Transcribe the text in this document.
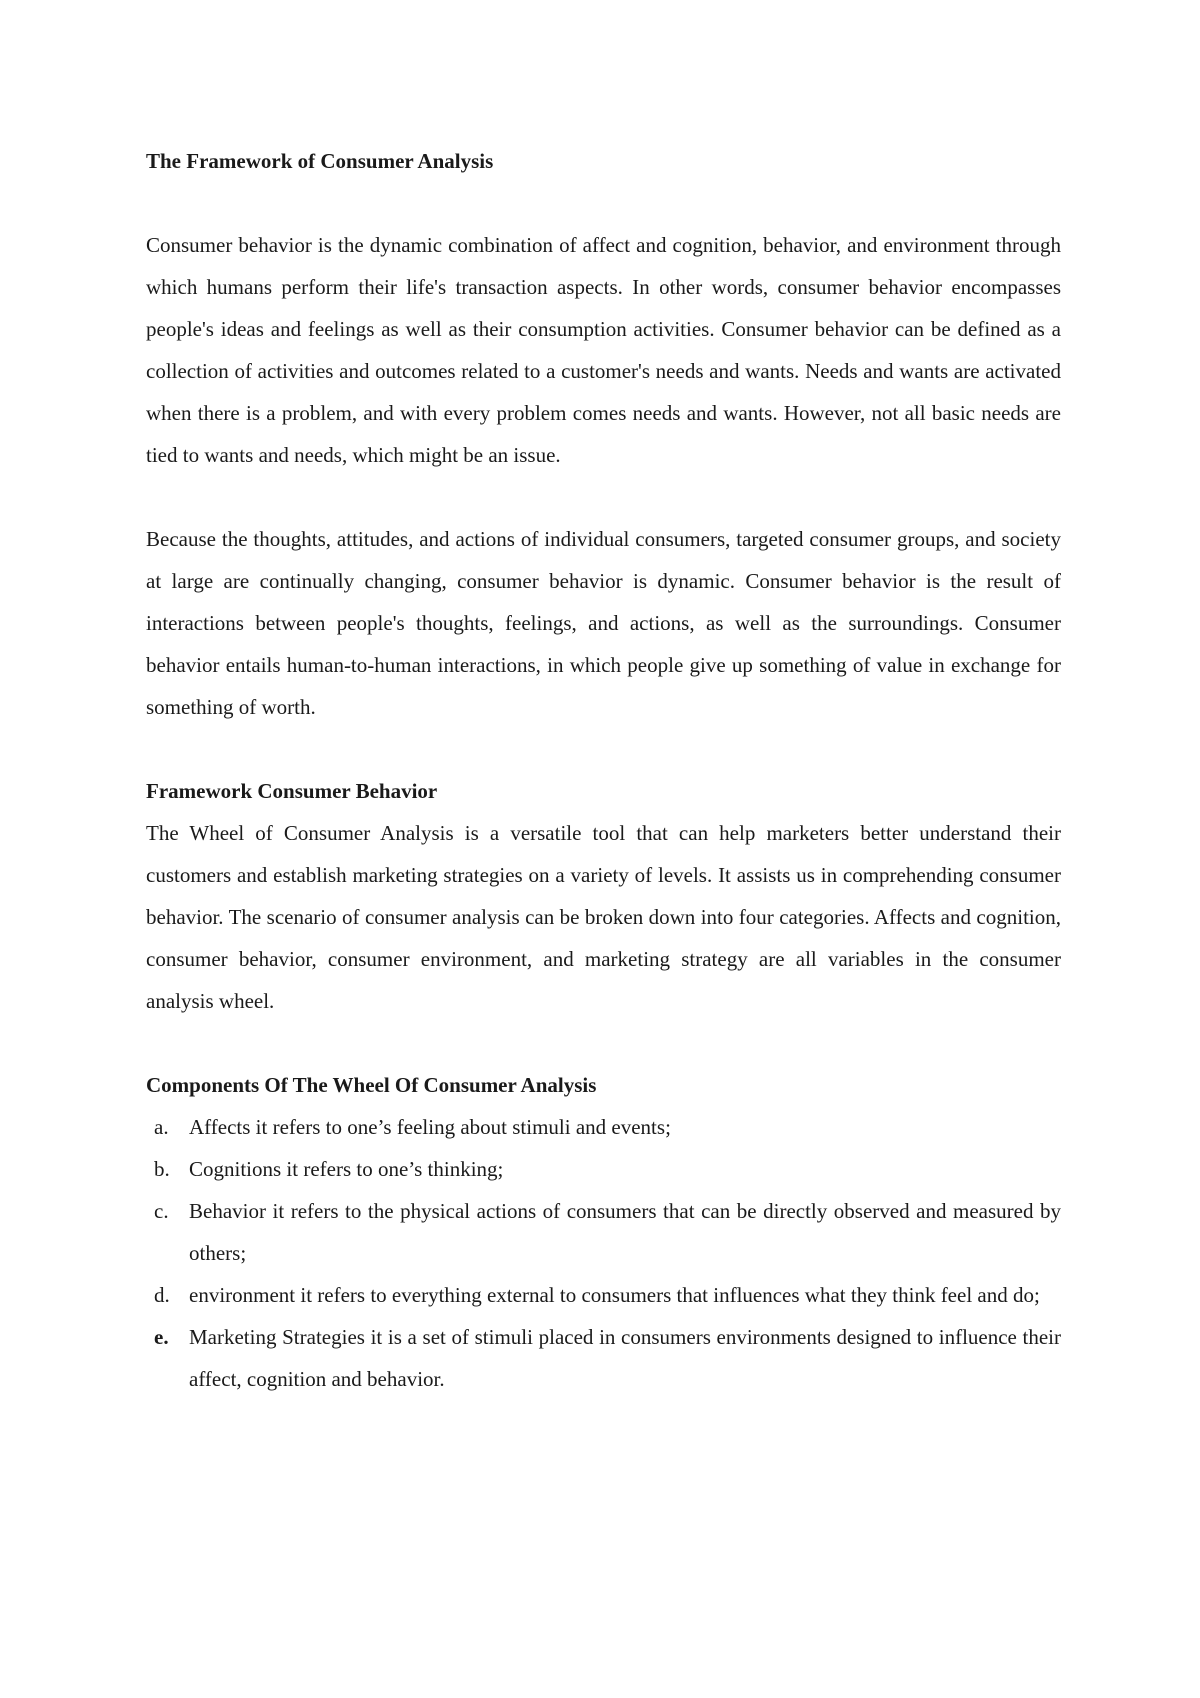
The Framework of Consumer Analysis

Consumer behavior is the dynamic combination of affect and cognition, behavior, and environment through which humans perform their life's transaction aspects. In other words, consumer behavior encompasses people's ideas and feelings as well as their consumption activities. Consumer behavior can be defined as a collection of activities and outcomes related to a customer's needs and wants. Needs and wants are activated when there is a problem, and with every problem comes needs and wants. However, not all basic needs are tied to wants and needs, which might be an issue.

Because the thoughts, attitudes, and actions of individual consumers, targeted consumer groups, and society at large are continually changing, consumer behavior is dynamic. Consumer behavior is the result of interactions between people's thoughts, feelings, and actions, as well as the surroundings. Consumer behavior entails human-to-human interactions, in which people give up something of value in exchange for something of worth.

Framework Consumer Behavior

The Wheel of Consumer Analysis is a versatile tool that can help marketers better understand their customers and establish marketing strategies on a variety of levels. It assists us in comprehending consumer behavior. The scenario of consumer analysis can be broken down into four categories. Affects and cognition, consumer behavior, consumer environment, and marketing strategy are all variables in the consumer analysis wheel.

Components Of The Wheel Of Consumer Analysis

a. Affects it refers to one’s feeling about stimuli and events;
b. Cognitions it refers to one’s thinking;
c. Behavior it refers to the physical actions of consumers that can be directly observed and measured by others;
d. environment it refers to everything external to consumers that influences what they think feel and do;
e. Marketing Strategies it is a set of stimuli placed in consumers environments designed to influence their affect, cognition and behavior.
